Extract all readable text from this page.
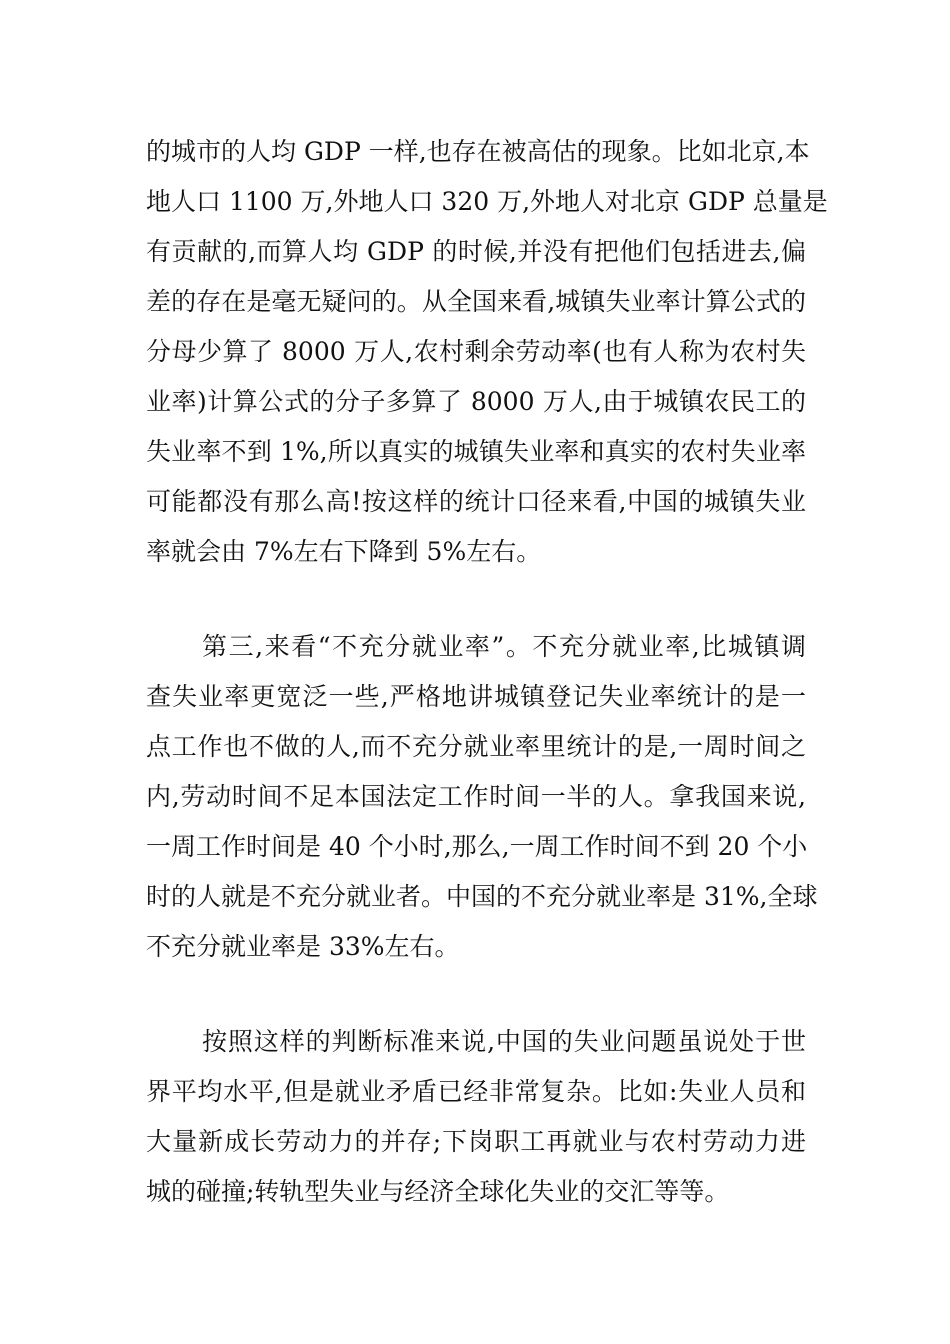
的城市的人均 GDP 一样,也存在被高估的现象。比如北京,本
地人口 1100 万,外地人口 320 万,外地人对北京 GDP 总量是
有贡献的,而算人均 GDP 的时候,并没有把他们包括进去,偏
差的存在是毫无疑问的。从全国来看,城镇失业率计算公式的
分母少算了 8000 万人,农村剩余劳动率(也有人称为农村失
业率)计算公式的分子多算了 8000 万人,由于城镇农民工的
失业率不到 1%,所以真实的城镇失业率和真实的农村失业率
可能都没有那么高!按这样的统计口径来看,中国的城镇失业
率就会由 7%左右下降到 5%左右。
第三,来看“不充分就业率”。不充分就业率,比城镇调
查失业率更宽泛一些,严格地讲城镇登记失业率统计的是一
点工作也不做的人,而不充分就业率里统计的是,一周时间之
内,劳动时间不足本国法定工作时间一半的人。拿我国来说,
一周工作时间是 40 个小时,那么,一周工作时间不到 20 个小
时的人就是不充分就业者。中国的不充分就业率是 31%,全球
不充分就业率是 33%左右。
按照这样的判断标准来说,中国的失业问题虽说处于世
界平均水平,但是就业矛盾已经非常复杂。比如:失业人员和
大量新成长劳动力的并存;下岗职工再就业与农村劳动力进
城的碰撞;转轨型失业与经济全球化失业的交汇等等。
